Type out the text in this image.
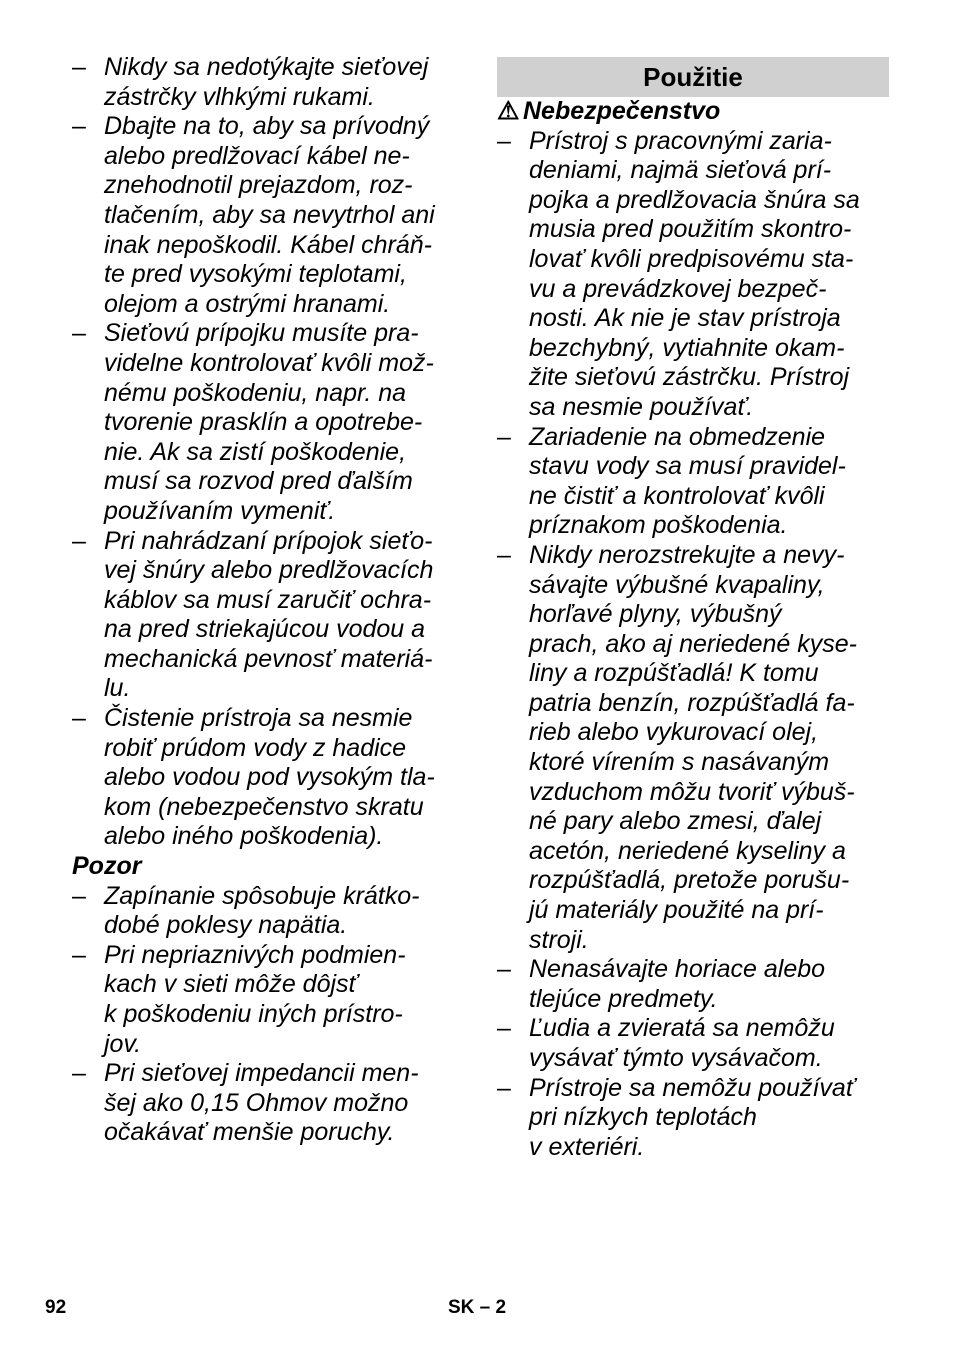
– Nikdy sa nedotýkajte sieťovej
zástrčky vlhkými rukami.
– Dbajte na to, aby sa prívodný
alebo predlžovací kábel ne-
znehodnotil prejazdom, roz-
tlačením, aby sa nevytrhol ani
inak nepoškodil. Kábel chráň-
te pred vysokými teplotami,
olejom a ostrými hranami.
– Sieťovú prípojku musíte pra-
videlne kontrolovať kvôli mož-
nému poškodeniu, napr. na
tvorenie prasklín a opotrebe-
nie. Ak sa zistí poškodenie,
musí sa rozvod pred ďalším
používaním vymeniť.
– Pri nahrádzaní prípojok sieťo-
vej šnúry alebo predlžovacích
káblov sa musí zaručiť ochra-
na pred striekajúcou vodou a
mechanická pevnosť materiá-
lu.
– Čistenie prístroja sa nesmie
robiť prúdom vody z hadice
alebo vodou pod vysokým tla-
kom (nebezpečenstvo skratu
alebo iného poškodenia).
Pozor
– Zapínanie spôsobuje krátko-
dobé poklesy napätia.
– Pri nepriaznivých podmien-
kach v sieti môže dôjsť
k poškodeniu iných prístro-
jov.
– Pri sieťovej impedancii men-
šej ako 0,15 Ohmov možno
očakávať menšie poruchy.
Použitie
⚠ Nebezpečenstvo
– Prístroj s pracovnými zaria-
deniami, najmä sieťová prí-
pojka a predlžovacia šnúra sa
musia pred použitím skontro-
lovať kvôli predpisovému sta-
vu a prevádzkovej bezpeč-
nosti. Ak nie je stav prístroja
bezchybný, vytiahnite okam-
žite sieťovú zástrčku. Prístroj
sa nesmie používať.
– Zariadenie na obmedzenie
stavu vody sa musí pravidel-
ne čistiť a kontrolovať kvôli
príznakom poškodenia.
– Nikdy nerozstrekujte a nevy-
sávajte výbušné kvapaliny,
horľavé plyny, výbušný
prach, ako aj neriedené kyse-
liny a rozpúšťadlá! K tomu
patria benzín, rozpúšťadlá fa-
rieb alebo vykurovací olej,
ktoré vírením s nasávaným
vzduchom môžu tvoriť výbuš-
né pary alebo zmesi, ďalej
acetón, neriedené kyseliny a
rozpúšťadlá, pretože porušu-
jú materiály použité na prí-
stroji.
– Nenasávajte horiace alebo
tlejúce predmety.
– Ľudia a zvieratá sa nemôžu
vysávať týmto vysávačom.
– Prístroje sa nemôžu používať
pri nízkych teplotách
v exteriéri.
92	SK – 2
